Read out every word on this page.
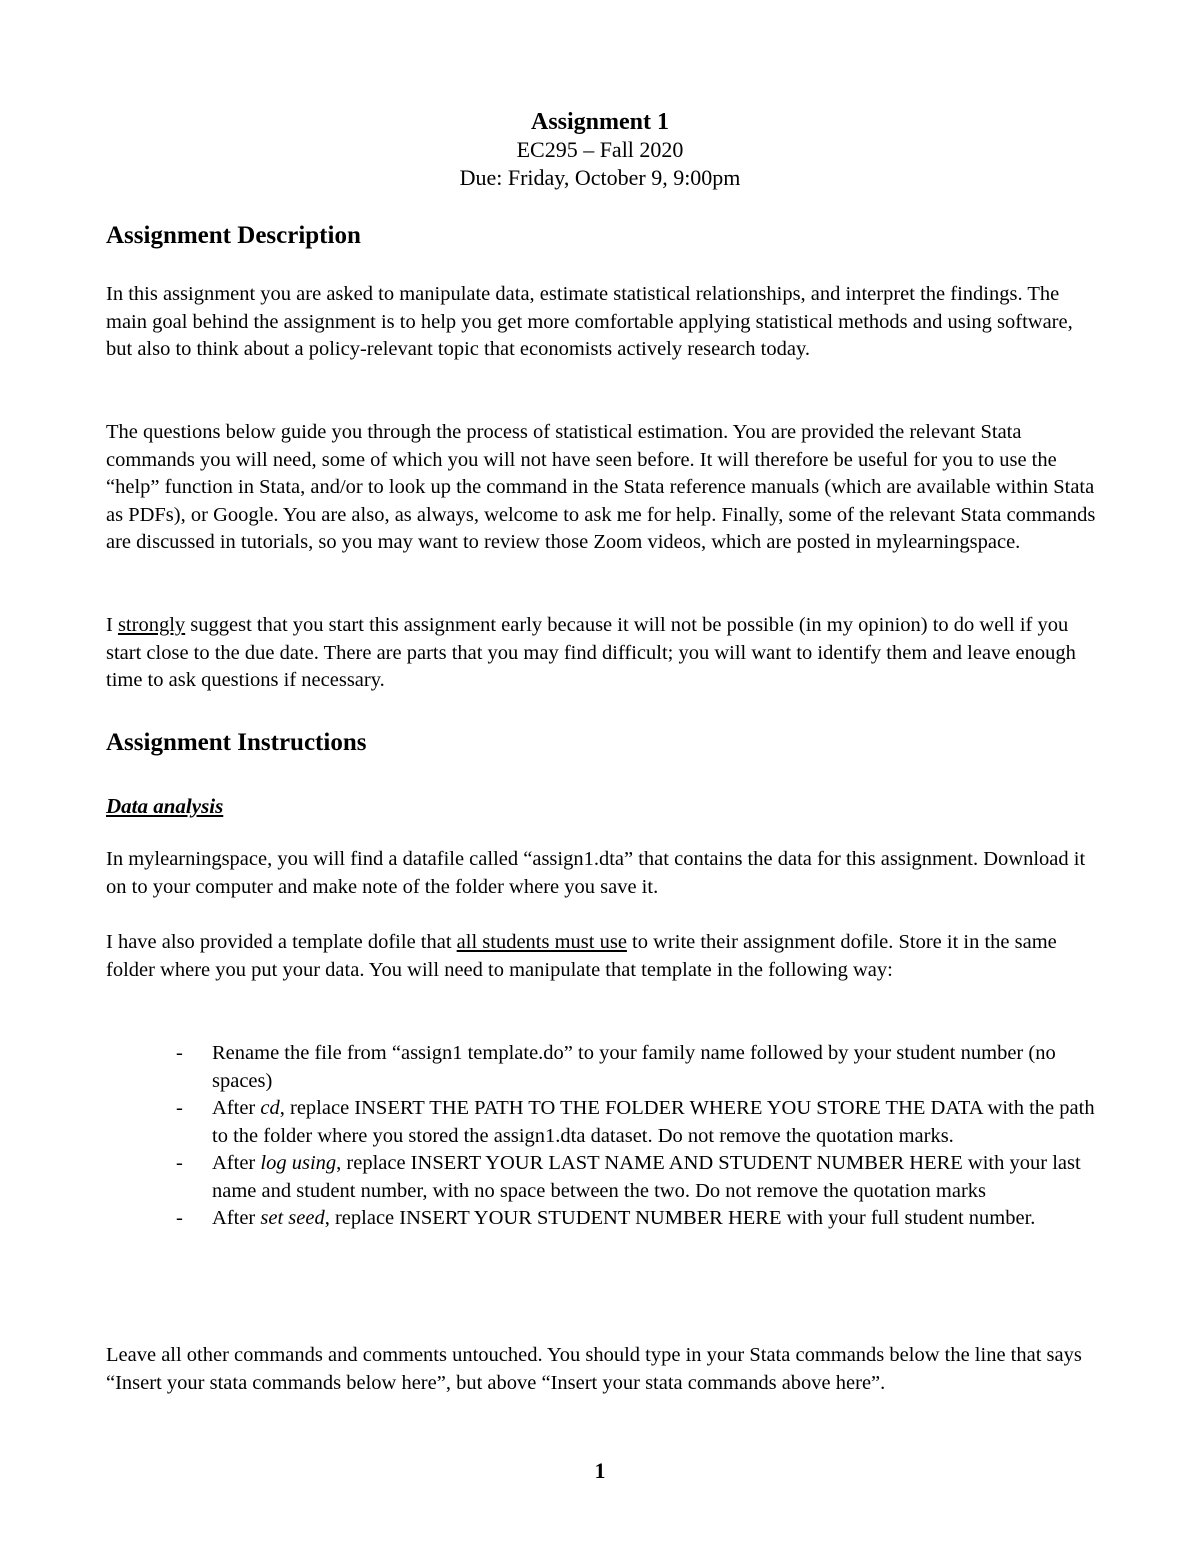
Assignment 1
EC295 – Fall 2020
Due: Friday, October 9, 9:00pm
Assignment Description

In this assignment you are asked to manipulate data, estimate statistical relationships, and interpret the findings. The main goal behind the assignment is to help you get more comfortable applying statistical methods and using software, but also to think about a policy-relevant topic that economists actively research today.

The questions below guide you through the process of statistical estimation. You are provided the relevant Stata commands you will need, some of which you will not have seen before. It will therefore be useful for you to use the “help” function in Stata, and/or to look up the command in the Stata reference manuals (which are available within Stata as PDFs), or Google. You are also, as always, welcome to ask me for help. Finally, some of the relevant Stata commands are discussed in tutorials, so you may want to review those Zoom videos, which are posted in mylearningspace.

I strongly suggest that you start this assignment early because it will not be possible (in my opinion) to do well if you start close to the due date. There are parts that you may find difficult; you will want to identify them and leave enough time to ask questions if necessary.

Assignment Instructions
Data analysis

In mylearningspace, you will find a datafile called “assign1.dta” that contains the data for this assignment. Download it on to your computer and make note of the folder where you save it.

I have also provided a template dofile that all students must use to write their assignment dofile. Store it in the same folder where you put your data. You will need to manipulate that template in the following way:

- Rename the file from “assign1 template.do” to your family name followed by your student number (no spaces)
- After cd, replace INSERT THE PATH TO THE FOLDER WHERE YOU STORE THE DATA with the path to the folder where you stored the assign1.dta dataset. Do not remove the quotation marks.
- After log using, replace INSERT YOUR LAST NAME AND STUDENT NUMBER HERE with your last name and student number, with no space between the two. Do not remove the quotation marks
- After set seed, replace INSERT YOUR STUDENT NUMBER HERE with your full student number.

Leave all other commands and comments untouched. You should type in your Stata commands below the line that says “Insert your stata commands below here”, but above “Insert your stata commands above here”.

1
